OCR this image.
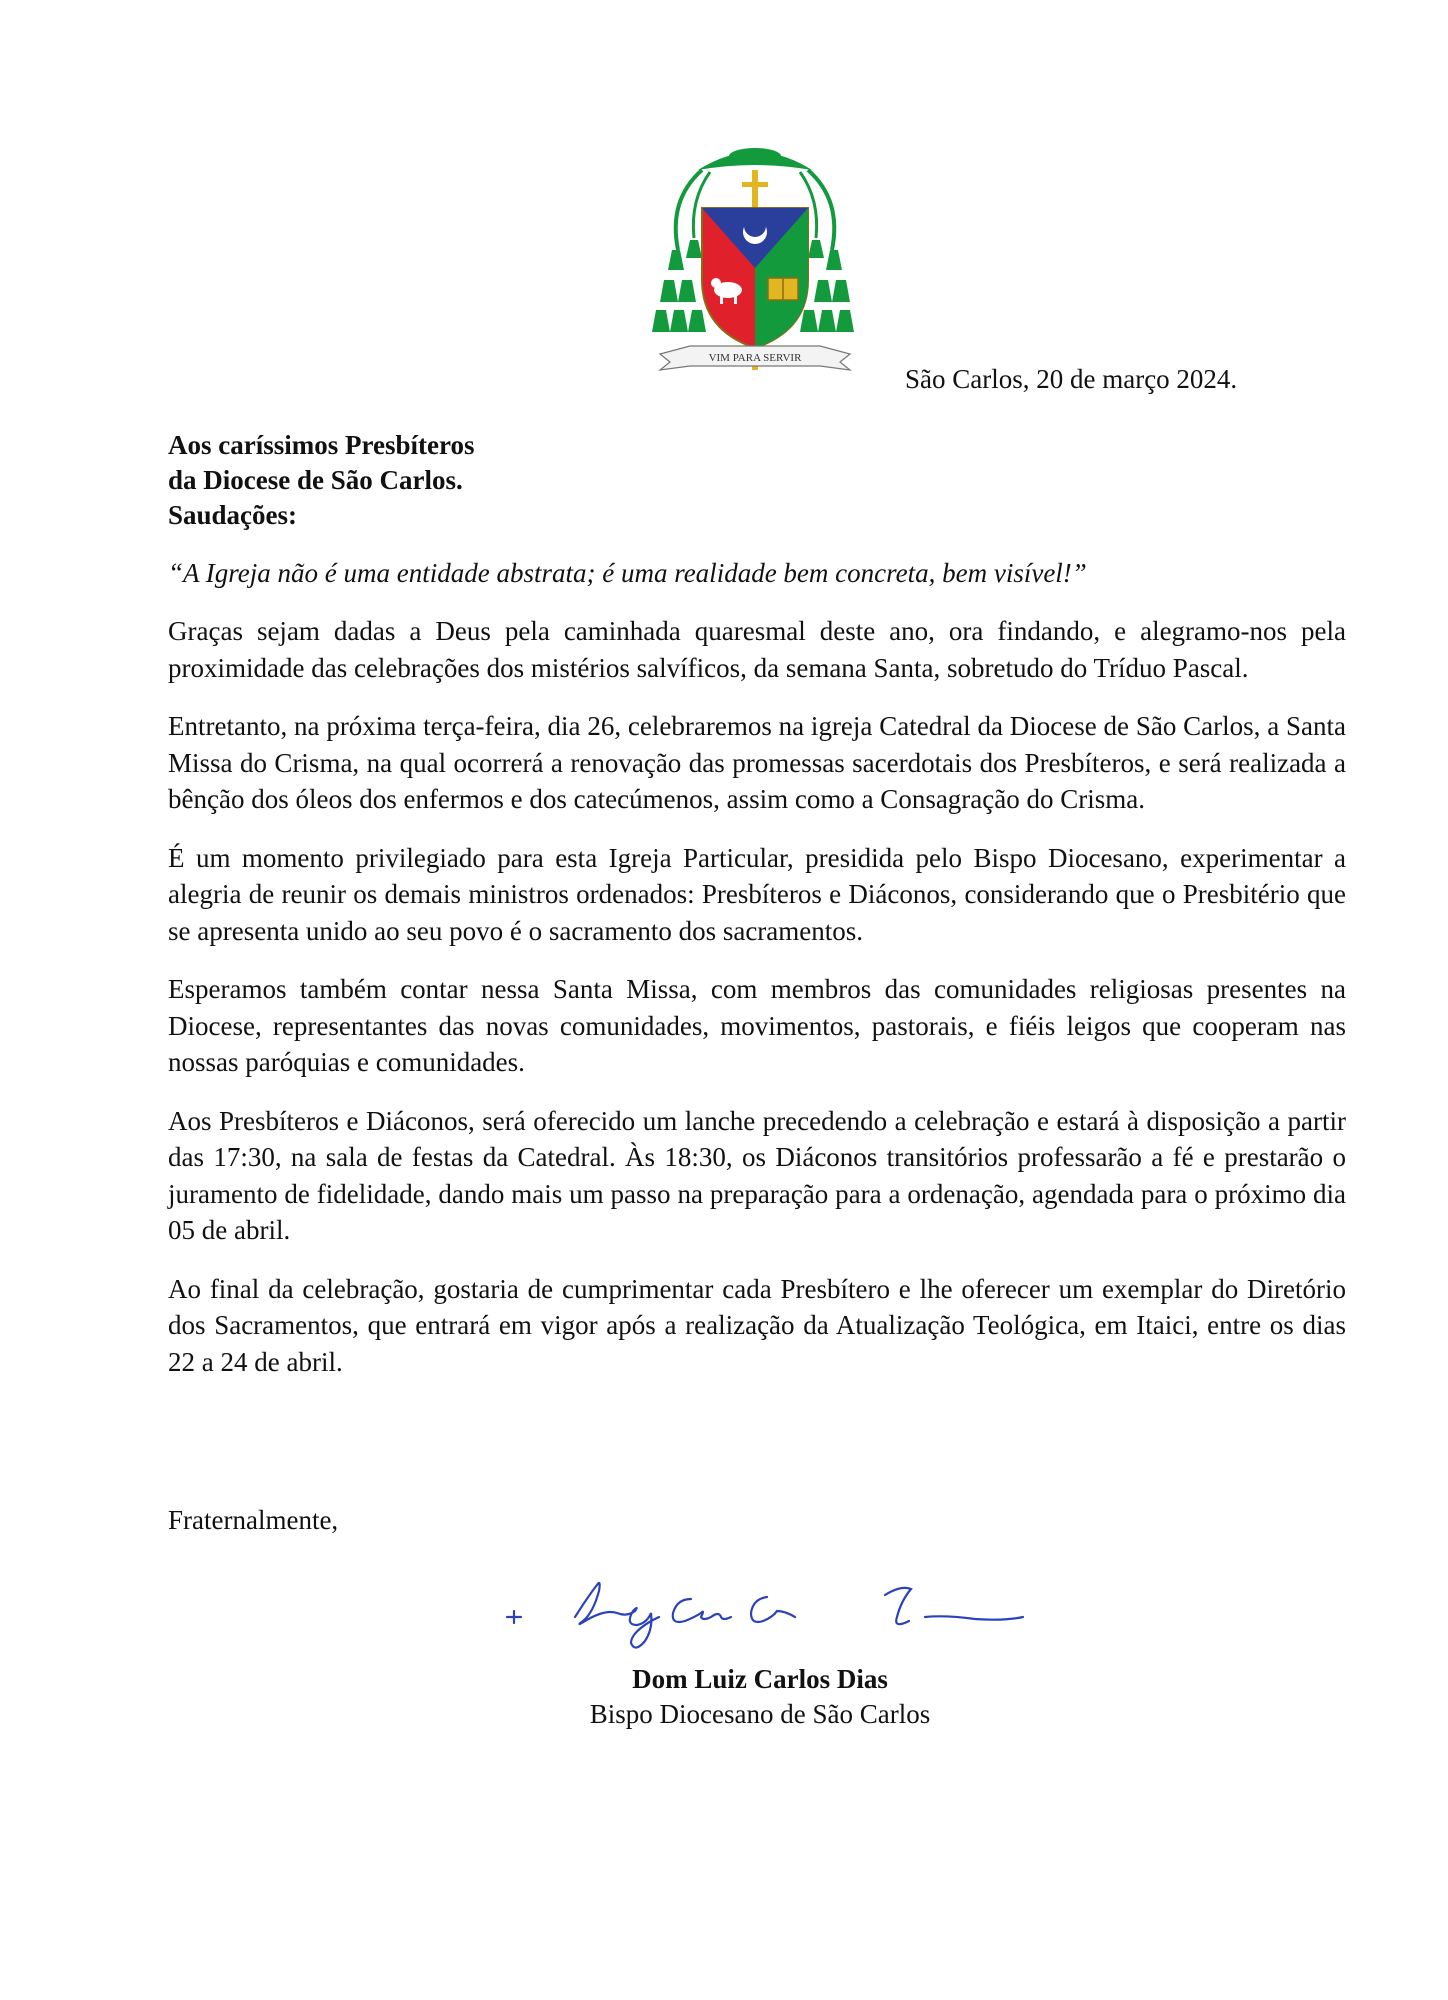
VIM PARA SERVIR
São Carlos, 20 de março 2024.
Aos caríssimos Presbíteros
da Diocese de São Carlos.
Saudações:
“A Igreja não é uma entidade abstrata; é uma realidade bem concreta, bem visível!”

Graças sejam dadas a Deus pela caminhada quaresmal deste ano, ora findando, e alegramo-nos pela proximidade das celebrações dos mistérios salvíficos, da semana Santa, sobretudo do Tríduo Pascal.

Entretanto, na próxima terça-feira, dia 26, celebraremos na igreja Catedral da Diocese de São Carlos, a Santa Missa do Crisma, na qual ocorrerá a renovação das promessas sacerdotais dos Presbíteros, e será realizada a bênção dos óleos dos enfermos e dos catecúmenos, assim como a Consagração do Crisma.

É um momento privilegiado para esta Igreja Particular, presidida pelo Bispo Diocesano, experimentar a alegria de reunir os demais ministros ordenados: Presbíteros e Diáconos, considerando que o Presbitério que se apresenta unido ao seu povo é o sacramento dos sacramentos.

Esperamos também contar nessa Santa Missa, com membros das comunidades religiosas presentes na Diocese, representantes das novas comunidades, movimentos, pastorais, e fiéis leigos que cooperam nas nossas paróquias e comunidades.

Aos Presbíteros e Diáconos, será oferecido um lanche precedendo a celebração e estará à disposição a partir das 17:30, na sala de festas da Catedral. Às 18:30, os Diáconos transitórios professarão a fé e prestarão o juramento de fidelidade, dando mais um passo na preparação para a ordenação, agendada para o próximo dia 05 de abril.

Ao final da celebração, gostaria de cumprimentar cada Presbítero e lhe oferecer um exemplar do Diretório dos Sacramentos, que entrará em vigor após a realização da Atualização Teológica, em Itaici, entre os dias 22 a 24 de abril.

Fraternalmente,
Dom Luiz Carlos Dias
Bispo Diocesano de São Carlos
